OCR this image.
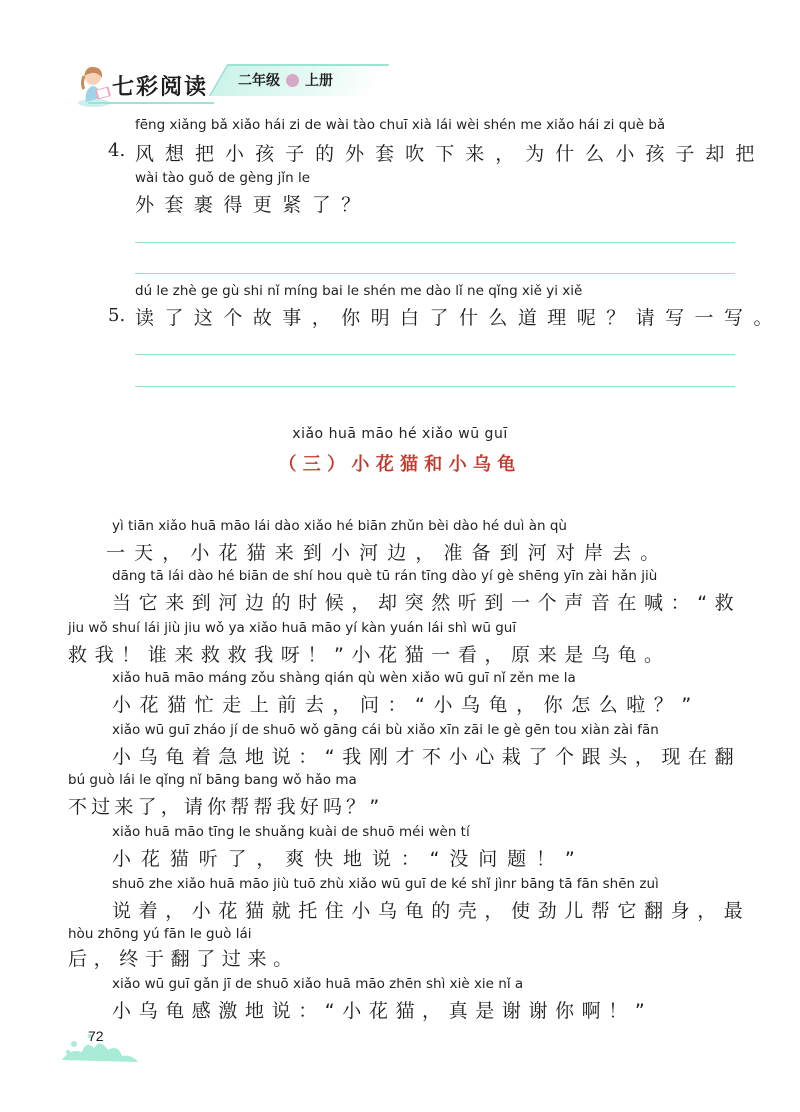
七彩阅读 二年级 上册
fēng xiǎng bǎ xiǎo hái zi de wài tào chuī xià lái wèi shén me xiǎo hái zi què bǎ
4. 风想把小孩子的外套吹下来，为什么小孩子却把
wài tào guǒ de gèng jǐn le
外套裹得更紧了？
dú le zhè ge gù shi nǐ míng bai le shén me dào lǐ ne qǐng xiě yi xiě
5. 读了这个故事，你明白了什么道理呢？请写一写。
xiǎo huā māo hé xiǎo wū guī
（三）小花猫和小乌龟
yì tiān xiǎo huā māo lái dào xiǎo hé biān zhǔn bèi dào hé duì àn qù
一天，小花猫来到小河边，准备到河对岸去。
dāng tā lái dào hé biān de shí hou què tū rán tīng dào yí gè shēng yīn zài hǎn jiù
当它来到河边的时候，却突然听到一个声音在喊：“救
jiu wǒ shuí lái jiù jiu wǒ ya xiǎo huā māo yí kàn yuán lái shì wū guī
救我！谁来救救我呀！”小花猫一看，原来是乌龟。
xiǎo huā māo máng zǒu shàng qián qù wèn xiǎo wū guī nǐ zěn me la
小花猫忙走上前去，问：“小乌龟，你怎么啦？”
xiǎo wū guī zháo jí de shuō wǒ gāng cái bù xiǎo xīn zāi le gè gēn tou xiàn zài fān
小乌龟着急地说：“我刚才不小心栽了个跟头，现在翻
bú guò lái le qǐng nǐ bāng bang wǒ hǎo ma
不过来了，请你帮帮我好吗？”
xiǎo huā māo tīng le shuǎng kuài de shuō méi wèn tí
小花猫听了，爽快地说：“没问题！”
shuō zhe xiǎo huā māo jiù tuō zhù xiǎo wū guī de ké shǐ jìnr bāng tā fān shēn zuì
说着，小花猫就托住小乌龟的壳，使劲儿帮它翻身，最
hòu zhōng yú fān le guò lái
后，终于翻了过来。
xiǎo wū guī gǎn jī de shuō xiǎo huā māo zhēn shì xiè xie nǐ a
小乌龟感激地说：“小花猫，真是谢谢你啊！”
72
